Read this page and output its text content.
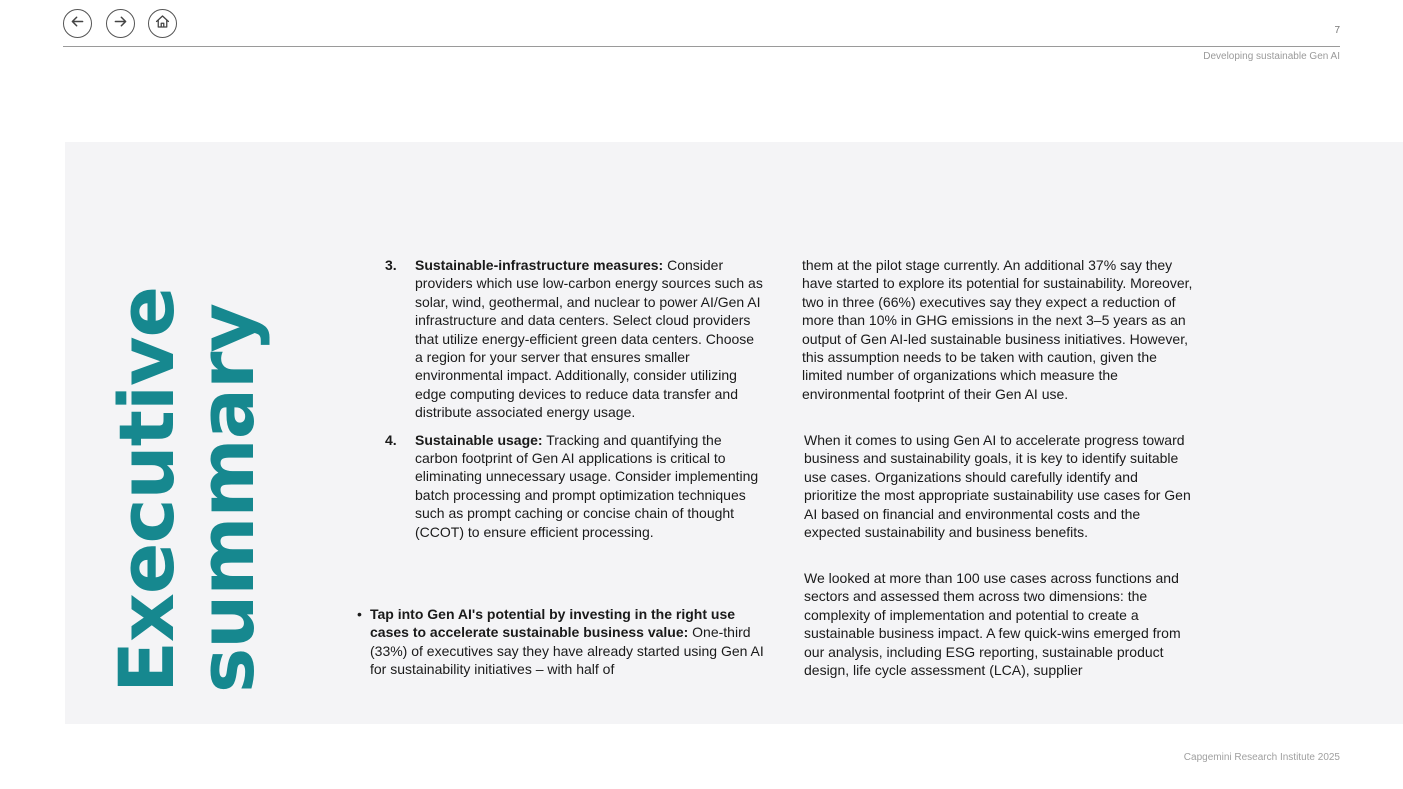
7
Developing sustainable Gen AI
Executive
summary
3. Sustainable-infrastructure measures: Consider providers which use low-carbon energy sources such as solar, wind, geothermal, and nuclear to power AI/Gen AI infrastructure and data centers. Select cloud providers that utilize energy-efficient green data centers. Choose a region for your server that ensures smaller environmental impact. Additionally, consider utilizing edge computing devices to reduce data transfer and distribute associated energy usage.

4. Sustainable usage: Tracking and quantifying the carbon footprint of Gen AI applications is critical to eliminating unnecessary usage. Consider implementing batch processing and prompt optimization techniques such as prompt caching or concise chain of thought (CCOT) to ensure efficient processing.

• Tap into Gen AI's potential by investing in the right use cases to accelerate sustainable business value: One-third (33%) of executives say they have already started using Gen AI for sustainability initiatives – with half of

them at the pilot stage currently. An additional 37% say they have started to explore its potential for sustainability. Moreover, two in three (66%) executives say they expect a reduction of more than 10% in GHG emissions in the next 3–5 years as an output of Gen AI-led sustainable business initiatives. However, this assumption needs to be taken with caution, given the limited number of organizations which measure the environmental footprint of their Gen AI use.

When it comes to using Gen AI to accelerate progress toward business and sustainability goals, it is key to identify suitable use cases. Organizations should carefully identify and prioritize the most appropriate sustainability use cases for Gen AI based on financial and environmental costs and the expected sustainability and business benefits.

We looked at more than 100 use cases across functions and sectors and assessed them across two dimensions: the complexity of implementation and potential to create a sustainable business impact. A few quick-wins emerged from our analysis, including ESG reporting, sustainable product design, life cycle assessment (LCA), supplier

Capgemini Research Institute 2025
